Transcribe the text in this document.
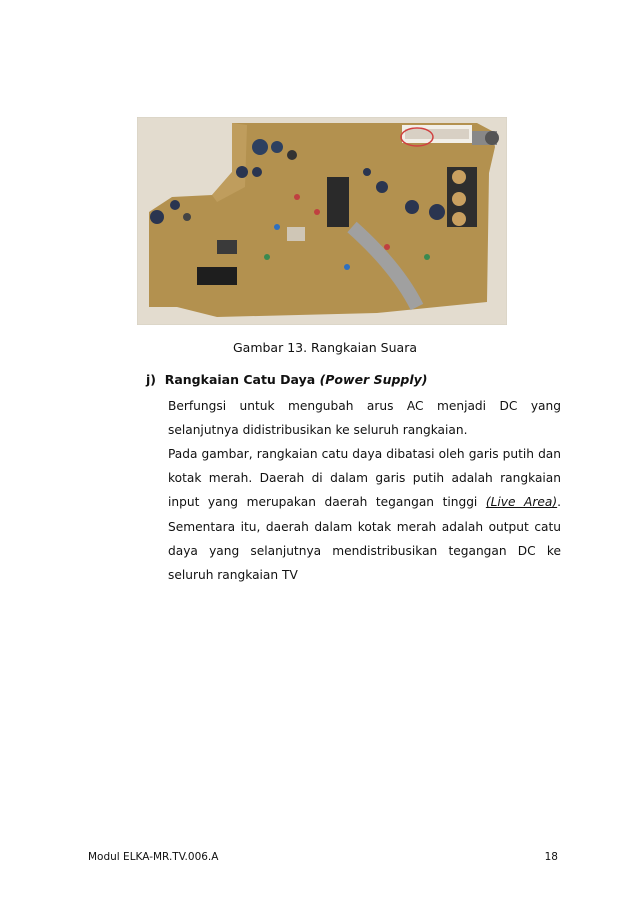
Gambar 13. Rangkaian Suara
j) Rangkaian Catu Daya (Power Supply)
Berfungsi untuk mengubah arus AC menjadi DC yang selanjutnya didistribusikan ke seluruh rangkaian.
Pada gambar, rangkaian catu daya dibatasi oleh garis putih dan kotak merah. Daerah di dalam garis putih adalah rangkaian input yang merupakan daerah tegangan tinggi (Live Area). Sementara itu, daerah dalam kotak merah adalah output catu daya yang selanjutnya mendistribusikan tegangan DC ke seluruh rangkaian TV
Modul ELKA-MR.TV.006.A	18
